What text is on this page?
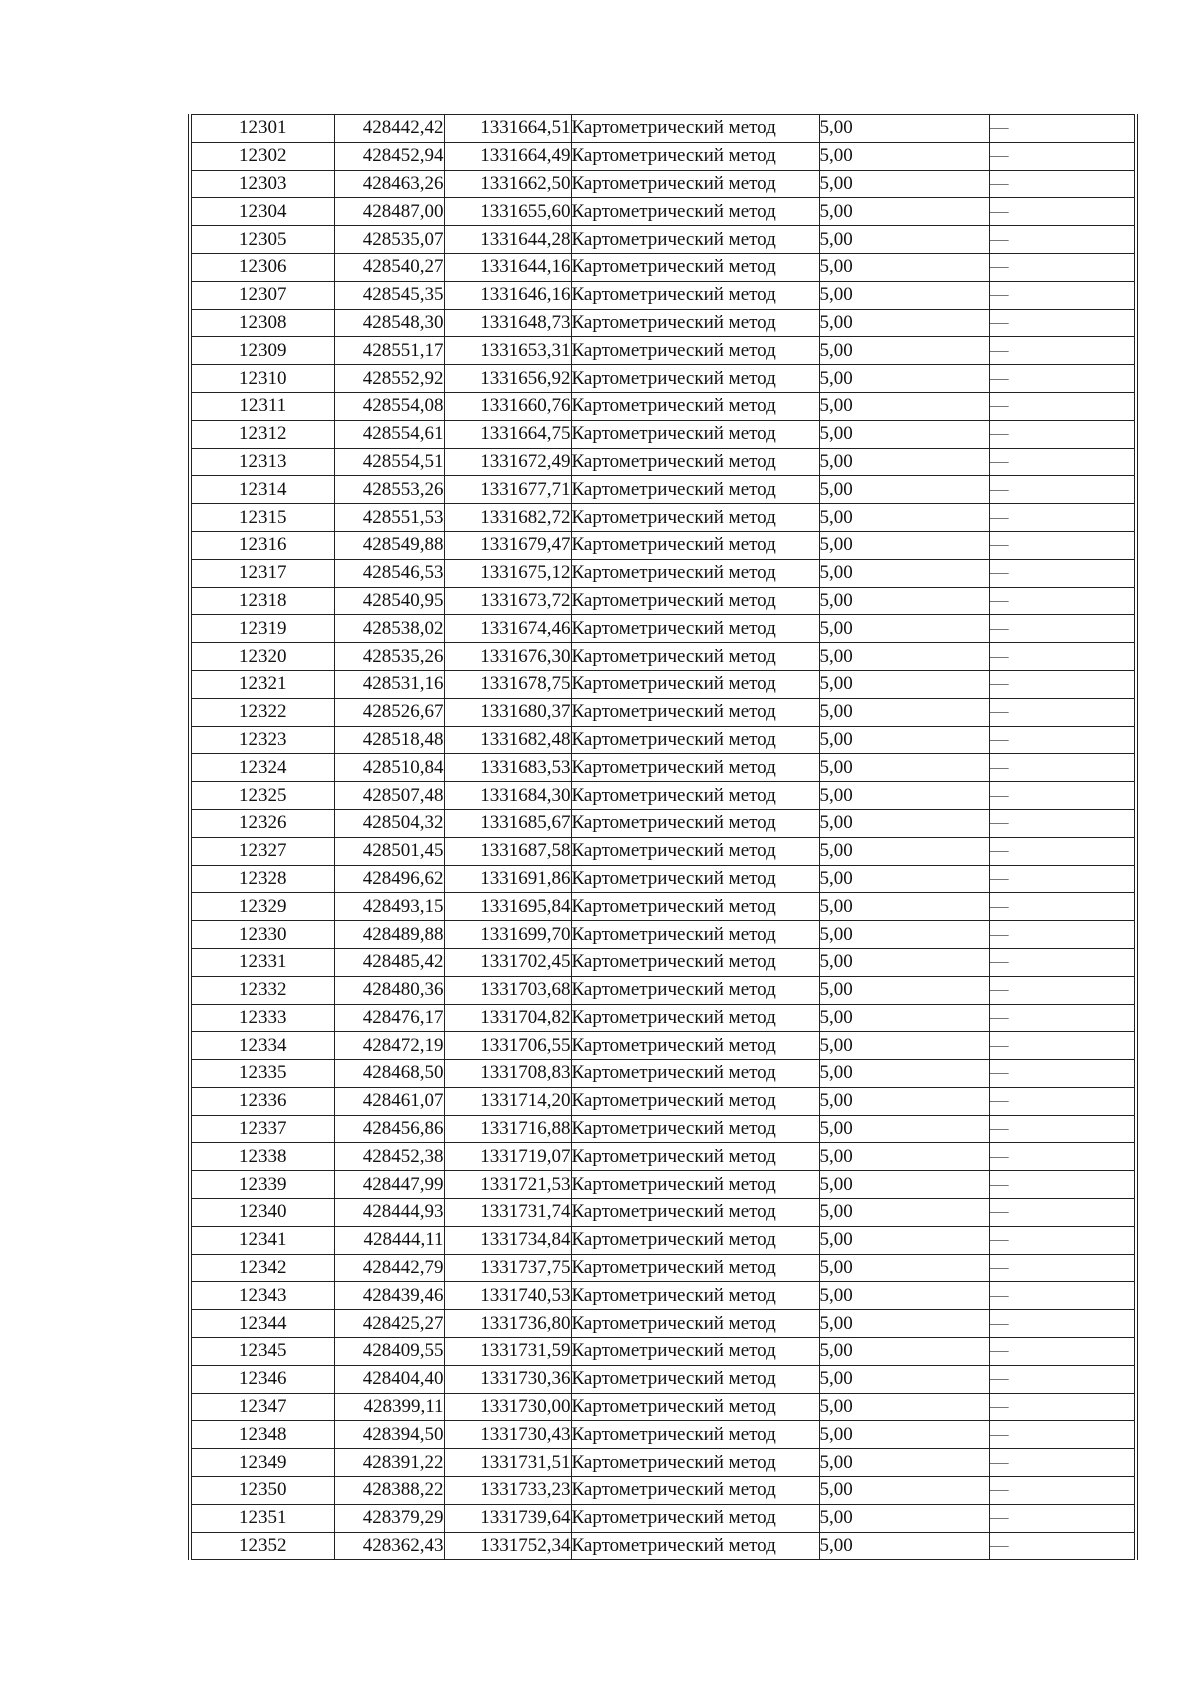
12301	428442,42	1331664,51	Картометрический метод	5,00	—
12302	428452,94	1331664,49	Картометрический метод	5,00	—
12303	428463,26	1331662,50	Картометрический метод	5,00	—
12304	428487,00	1331655,60	Картометрический метод	5,00	—
12305	428535,07	1331644,28	Картометрический метод	5,00	—
12306	428540,27	1331644,16	Картометрический метод	5,00	—
12307	428545,35	1331646,16	Картометрический метод	5,00	—
12308	428548,30	1331648,73	Картометрический метод	5,00	—
12309	428551,17	1331653,31	Картометрический метод	5,00	—
12310	428552,92	1331656,92	Картометрический метод	5,00	—
12311	428554,08	1331660,76	Картометрический метод	5,00	—
12312	428554,61	1331664,75	Картометрический метод	5,00	—
12313	428554,51	1331672,49	Картометрический метод	5,00	—
12314	428553,26	1331677,71	Картометрический метод	5,00	—
12315	428551,53	1331682,72	Картометрический метод	5,00	—
12316	428549,88	1331679,47	Картометрический метод	5,00	—
12317	428546,53	1331675,12	Картометрический метод	5,00	—
12318	428540,95	1331673,72	Картометрический метод	5,00	—
12319	428538,02	1331674,46	Картометрический метод	5,00	—
12320	428535,26	1331676,30	Картометрический метод	5,00	—
12321	428531,16	1331678,75	Картометрический метод	5,00	—
12322	428526,67	1331680,37	Картометрический метод	5,00	—
12323	428518,48	1331682,48	Картометрический метод	5,00	—
12324	428510,84	1331683,53	Картометрический метод	5,00	—
12325	428507,48	1331684,30	Картометрический метод	5,00	—
12326	428504,32	1331685,67	Картометрический метод	5,00	—
12327	428501,45	1331687,58	Картометрический метод	5,00	—
12328	428496,62	1331691,86	Картометрический метод	5,00	—
12329	428493,15	1331695,84	Картометрический метод	5,00	—
12330	428489,88	1331699,70	Картометрический метод	5,00	—
12331	428485,42	1331702,45	Картометрический метод	5,00	—
12332	428480,36	1331703,68	Картометрический метод	5,00	—
12333	428476,17	1331704,82	Картометрический метод	5,00	—
12334	428472,19	1331706,55	Картометрический метод	5,00	—
12335	428468,50	1331708,83	Картометрический метод	5,00	—
12336	428461,07	1331714,20	Картометрический метод	5,00	—
12337	428456,86	1331716,88	Картометрический метод	5,00	—
12338	428452,38	1331719,07	Картометрический метод	5,00	—
12339	428447,99	1331721,53	Картометрический метод	5,00	—
12340	428444,93	1331731,74	Картометрический метод	5,00	—
12341	428444,11	1331734,84	Картометрический метод	5,00	—
12342	428442,79	1331737,75	Картометрический метод	5,00	—
12343	428439,46	1331740,53	Картометрический метод	5,00	—
12344	428425,27	1331736,80	Картометрический метод	5,00	—
12345	428409,55	1331731,59	Картометрический метод	5,00	—
12346	428404,40	1331730,36	Картометрический метод	5,00	—
12347	428399,11	1331730,00	Картометрический метод	5,00	—
12348	428394,50	1331730,43	Картометрический метод	5,00	—
12349	428391,22	1331731,51	Картометрический метод	5,00	—
12350	428388,22	1331733,23	Картометрический метод	5,00	—
12351	428379,29	1331739,64	Картометрический метод	5,00	—
12352	428362,43	1331752,34	Картометрический метод	5,00	—
